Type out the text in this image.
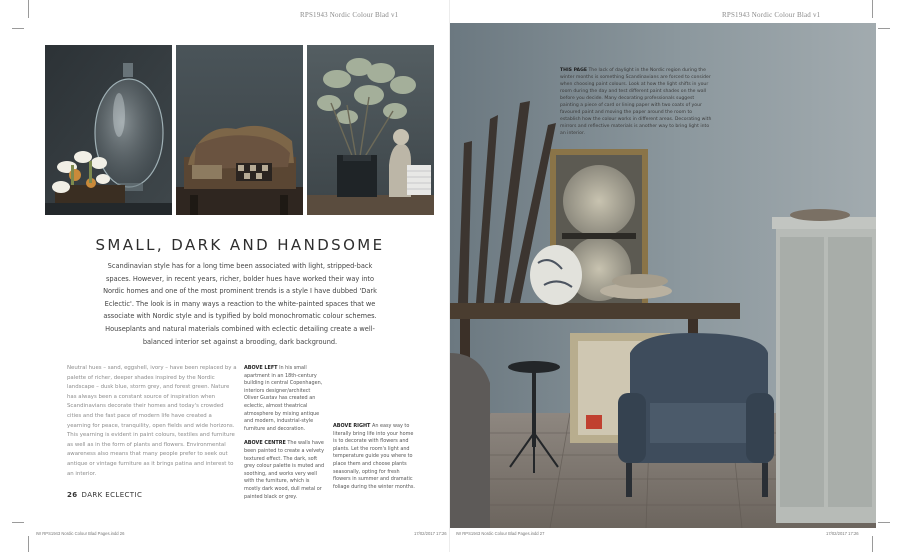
RPS1943 Nordic Colour Blad v1	RPS1943 Nordic Colour Blad v1
SMALL, DARK AND HANDSOME
Scandinavian style has for a long time been associated with light, stripped-back spaces. However, in recent years, richer, bolder hues have worked their way into Nordic homes and one of the most prominent trends is a style I have dubbed 'Dark Eclectic'. The look is in many ways a reaction to the white-painted spaces that we associate with Nordic style and is typified by bold monochromatic colour schemes. Houseplants and natural materials combined with eclectic detailing create a well-balanced interior set against a brooding, dark background.
Neutral hues – sand, eggshell, ivory – have been replaced by a palette of richer, deeper shades inspired by the Nordic landscape – dusk blue, storm grey, and forest green. Nature has always been a constant source of inspiration when Scandinavians decorate their homes and today's crowded cities and the fast pace of modern life have created a yearning for peace, tranquility, open fields and wide horizons. This yearning is evident in paint colours, textiles and furniture as well as in the form of plants and flowers. Environmental awareness also means that many people prefer to seek out antique or vintage furniture as it brings patina and interest to an interior.
ABOVE LEFT In his small apartment in an 18th-century building in central Copenhagen, interiors designer/architect Oliver Gustav has created an eclectic, almost theatrical atmosphere by mixing antique and modern, industrial-style furniture and decoration.
ABOVE CENTRE The walls have been painted to create a velvety textured effect. The dark, soft grey colour palette is muted and soothing, and works very well with the furniture, which is mostly dark wood, dull metal or painted black or grey.
ABOVE RIGHT An easy way to literally bring life into your home is to decorate with flowers and plants. Let the room's light and temperature guide you where to place them and choose plants seasonally, opting for fresh flowers in summer and dramatic foliage during the winter months.
26 DARK ECLECTIC
THIS PAGE The lack of daylight in the Nordic region during the winter months is something Scandinavians are forced to consider when choosing paint colours. Look at how the light shifts in your room during the day and test different paint shades on the wall before you decide. Many decorating professionals suggest painting a piece of card or lining paper with two coats of your favoured paint and moving the paper around the room to establish how the colour works in different areas. Decorating with mirrors and reflective materials is another way to bring light into an interior.
IW RPS1943 Nordic Colour Blad Pages.indd 26	17/02/2017 17:26 IW RPS1943 Nordic Colour Blad Pages.indd 27	17/02/2017 17:26
